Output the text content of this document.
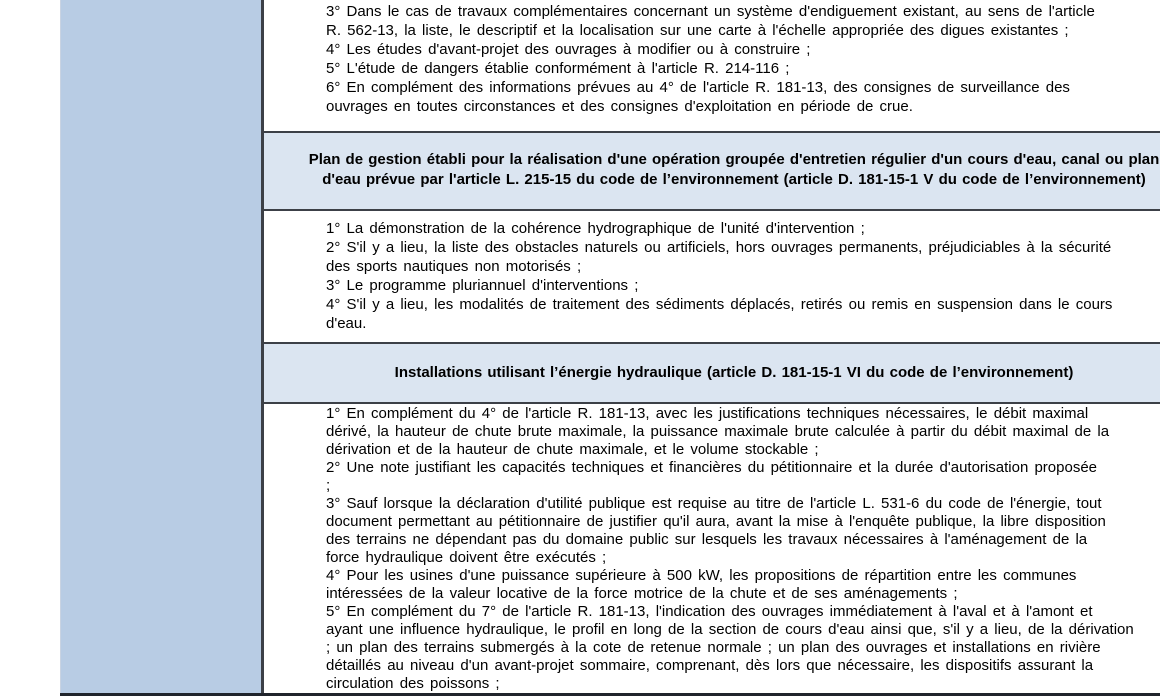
3° Dans le cas de travaux complémentaires concernant un système d'endiguement existant, au sens de l'article
R. 562-13, la liste, le descriptif et la localisation sur une carte à l'échelle appropriée des digues existantes ;
4° Les études d'avant-projet des ouvrages à modifier ou à construire ;
5° L'étude de dangers établie conformément à l'article R. 214-116 ;
6° En complément des informations prévues au 4° de l'article R. 181-13, des consignes de surveillance des
ouvrages en toutes circonstances et des consignes d'exploitation en période de crue.
Plan de gestion établi pour la réalisation d'une opération groupée d'entretien régulier d'un cours d'eau, canal ou plan
d'eau prévue par l'article L. 215-15 du code de l’environnement (article D. 181-15-1 V du code de l’environnement)
1° La démonstration de la cohérence hydrographique de l'unité d'intervention ;
2° S'il y a lieu, la liste des obstacles naturels ou artificiels, hors ouvrages permanents, préjudiciables à la sécurité
des sports nautiques non motorisés ;
3° Le programme pluriannuel d'interventions ;
4° S'il y a lieu, les modalités de traitement des sédiments déplacés, retirés ou remis en suspension dans le cours
d'eau.
Installations utilisant l’énergie hydraulique (article D. 181-15-1 VI du code de l’environnement)
1° En complément du 4° de l'article R. 181-13, avec les justifications techniques nécessaires, le débit maximal
dérivé, la hauteur de chute brute maximale, la puissance maximale brute calculée à partir du débit maximal de la
dérivation et de la hauteur de chute maximale, et le volume stockable ;
2° Une note justifiant les capacités techniques et financières du pétitionnaire et la durée d'autorisation proposée
;
3° Sauf lorsque la déclaration d'utilité publique est requise au titre de l'article L. 531-6 du code de l'énergie, tout
document permettant au pétitionnaire de justifier qu'il aura, avant la mise à l'enquête publique, la libre disposition
des terrains ne dépendant pas du domaine public sur lesquels les travaux nécessaires à l'aménagement de la
force hydraulique doivent être exécutés ;
4° Pour les usines d'une puissance supérieure à 500 kW, les propositions de répartition entre les communes
intéressées de la valeur locative de la force motrice de la chute et de ses aménagements ;
5° En complément du 7° de l'article R. 181-13, l'indication des ouvrages immédiatement à l'aval et à l'amont et
ayant une influence hydraulique, le profil en long de la section de cours d'eau ainsi que, s'il y a lieu, de la dérivation
; un plan des terrains submergés à la cote de retenue normale ; un plan des ouvrages et installations en rivière
détaillés au niveau d'un avant-projet sommaire, comprenant, dès lors que nécessaire, les dispositifs assurant la
circulation des poissons ;
